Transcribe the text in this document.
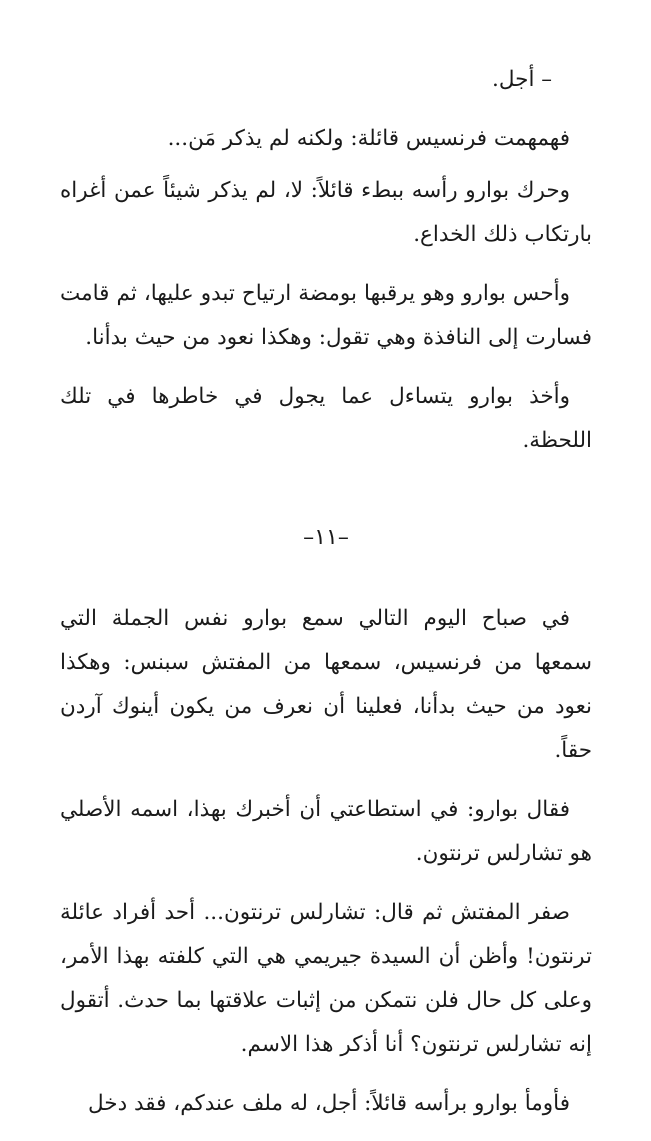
– أجل.

فهمهمت فرنسيس قائلة: ولكنه لم يذكر مَن...

وحرك بوارو رأسه ببطء قائلاً: لا، لم يذكر شيئاً عمن أغراه بارتكاب ذلك الخداع.

وأحس بوارو وهو يرقبها بومضة ارتياح تبدو عليها، ثم قامت فسارت إلى النافذة وهي تقول: وهكذا نعود من حيث بدأنا.

وأخذ بوارو يتساءل عما يجول في خاطرها في تلك اللحظة.

–١١–

في صباح اليوم التالي سمع بوارو نفس الجملة التي سمعها من فرنسيس، سمعها من المفتش سبنس: وهكذا نعود من حيث بدأنا، فعلينا أن نعرف من يكون أينوك آردن حقاً.

فقال بوارو: في استطاعتي أن أخبرك بهذا، اسمه الأصلي هو تشارلس ترنتون.

صفر المفتش ثم قال: تشارلس ترنتون... أحد أفراد عائلة ترنتون! وأظن أن السيدة جيريمي هي التي كلفته بهذا الأمر، وعلى كل حال فلن نتمكن من إثبات علاقتها بما حدث. أتقول إنه تشارلس ترنتون؟ أنا أذكر هذا الاسم.

فأومأ بوارو برأسه قائلاً: أجل، له ملف عندكم، فقد دخل
